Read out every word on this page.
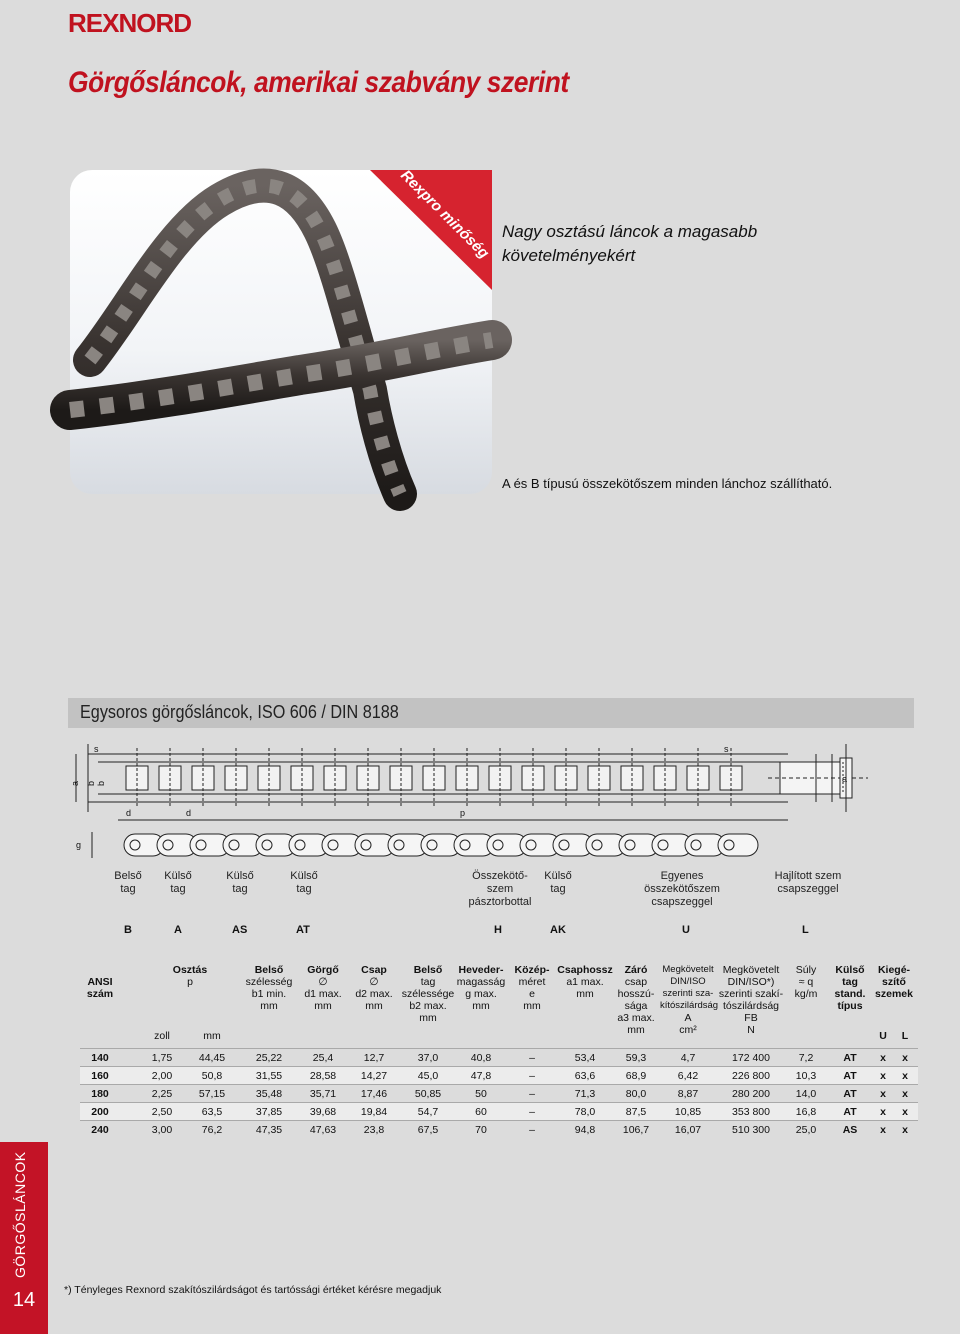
REXNORD
Görgősláncok, amerikai szabvány szerint
Rexpro minőség Nagy osztású láncok a magasabb
követelményekért
A és B típusú összekötőszem minden lánchoz szállítható.
Egysoros görgősláncok, ISO 606 / DIN 8188
a b b
s	s
a
d	d	p
g
Belső
tag
Külső
tag
Külső
tag
Külső
tag
Összekötő-
szem
pásztorbottal
Külső
tag
Egyenes
összekötőszem
csapszeggel
Hajlított szem
csapszeggel
B	A	AS	AT	H	AK	U	L
ANSI
szám
Osztás
p
zoll	mm
Belső
szélesség
b1 min.
mm
Görgő
∅
d1 max.
mm
Csap
∅
d2 max.
mm
Belső
tag
szélessége
b2 max.
mm
Heveder-
magasság
g max.
mm
Közép-
méret
e
mm
Csaphossz
a1 max.
mm
Záró
csap
hosszú-
sága
a3 max.
mm
Megkövetelt
DIN/ISO
szerinti sza-
kítószilárdság
A
cm²
Megkövetelt
DIN/ISO*)
szerinti szakí-
tószilárdság
FB
N
Súly
≈ q
kg/m
Külső
tag
stand.
típus
Kiegé-
szítő
szemek
U	L
140	1,75	44,45	25,22	25,4	12,7	37,0	40,8	–	53,4	59,3	4,7	172 400	7,2	AT	x	x
160	2,00	50,8	31,55	28,58	14,27	45,0	47,8	–	63,6	68,9	6,42	226 800	10,3	AT	x	x
180	2,25	57,15	35,48	35,71	17,46	50,85	50	–	71,3	80,0	8,87	280 200	14,0	AT	x	x
200	2,50	63,5	37,85	39,68	19,84	54,7	60	–	78,0	87,5	10,85	353 800	16,8	AT	x	x
240	3,00	76,2	47,35	47,63	23,8	67,5	70	–	94,8	106,7	16,07	510 300	25,0	AS	x	x
GÖRGŐSLÁNCOK
14	*) Tényleges Rexnord szakítószilárdságot és tartóssági értéket kérésre megadjuk
